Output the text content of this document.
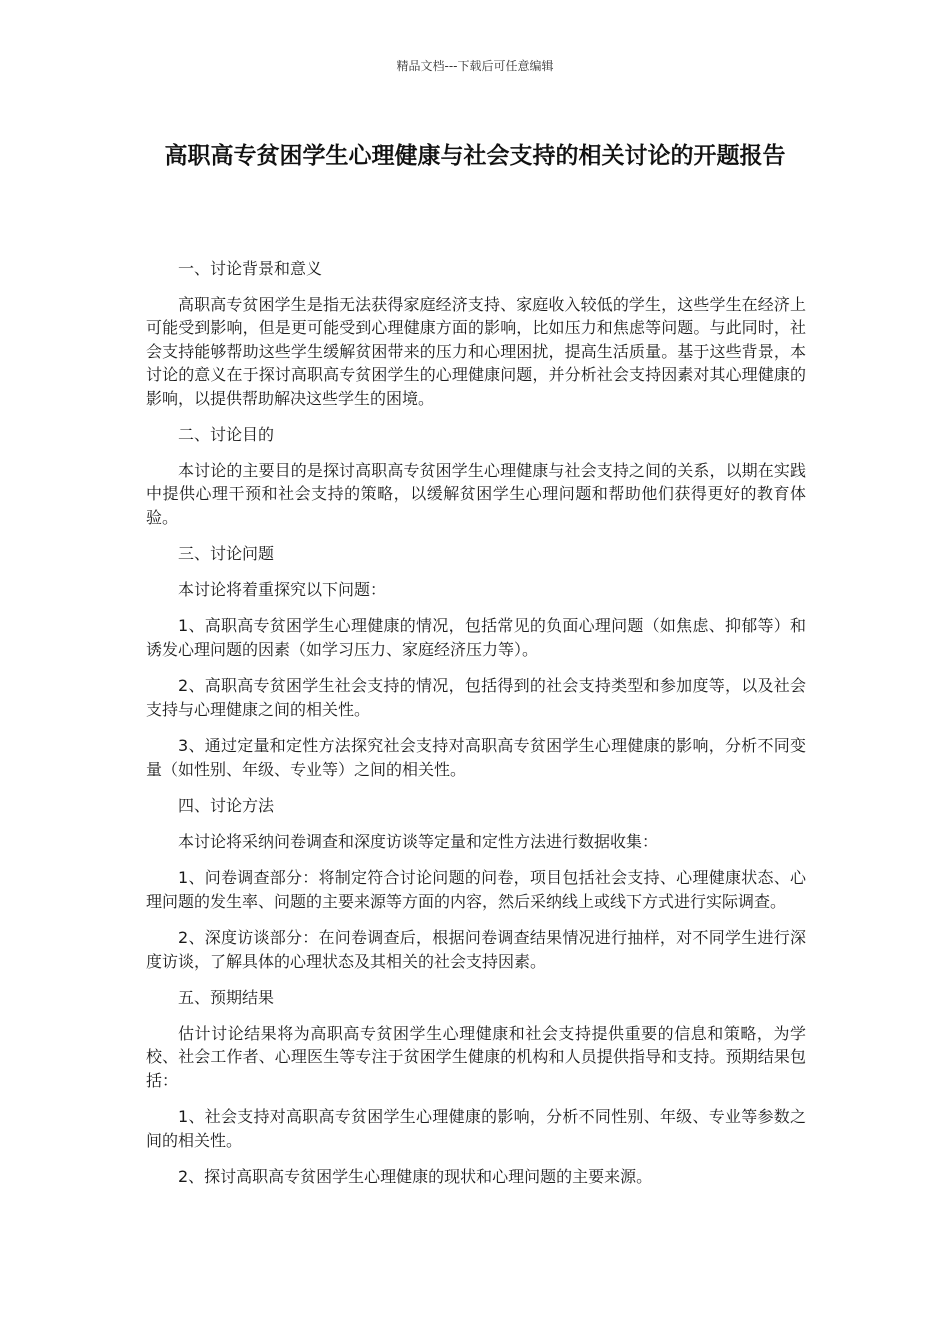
精品文档---下载后可任意编辑
高职高专贫困学生心理健康与社会支持的相关讨论的开题报告

一、讨论背景和意义

高职高专贫困学生是指无法获得家庭经济支持、家庭收入较低的学生，这些学生在经济上可能受到影响，但是更可能受到心理健康方面的影响，比如压力和焦虑等问题。与此同时，社会支持能够帮助这些学生缓解贫困带来的压力和心理困扰，提高生活质量。基于这些背景，本讨论的意义在于探讨高职高专贫困学生的心理健康问题，并分析社会支持因素对其心理健康的影响，以提供帮助解决这些学生的困境。

二、讨论目的

本讨论的主要目的是探讨高职高专贫困学生心理健康与社会支持之间的关系，以期在实践中提供心理干预和社会支持的策略，以缓解贫困学生心理问题和帮助他们获得更好的教育体验。

三、讨论问题

本讨论将着重探究以下问题：

1、高职高专贫困学生心理健康的情况，包括常见的负面心理问题（如焦虑、抑郁等）和诱发心理问题的因素（如学习压力、家庭经济压力等）。

2、高职高专贫困学生社会支持的情况，包括得到的社会支持类型和参加度等，以及社会支持与心理健康之间的相关性。

3、通过定量和定性方法探究社会支持对高职高专贫困学生心理健康的影响，分析不同变量（如性别、年级、专业等）之间的相关性。

四、讨论方法

本讨论将采纳问卷调查和深度访谈等定量和定性方法进行数据收集：

1、问卷调查部分：将制定符合讨论问题的问卷，项目包括社会支持、心理健康状态、心理问题的发生率、问题的主要来源等方面的内容，然后采纳线上或线下方式进行实际调查。

2、深度访谈部分：在问卷调查后，根据问卷调查结果情况进行抽样，对不同学生进行深度访谈，了解具体的心理状态及其相关的社会支持因素。

五、预期结果

估计讨论结果将为高职高专贫困学生心理健康和社会支持提供重要的信息和策略，为学校、社会工作者、心理医生等专注于贫困学生健康的机构和人员提供指导和支持。预期结果包括：

1、社会支持对高职高专贫困学生心理健康的影响，分析不同性别、年级、专业等参数之间的相关性。

2、探讨高职高专贫困学生心理健康的现状和心理问题的主要来源。
